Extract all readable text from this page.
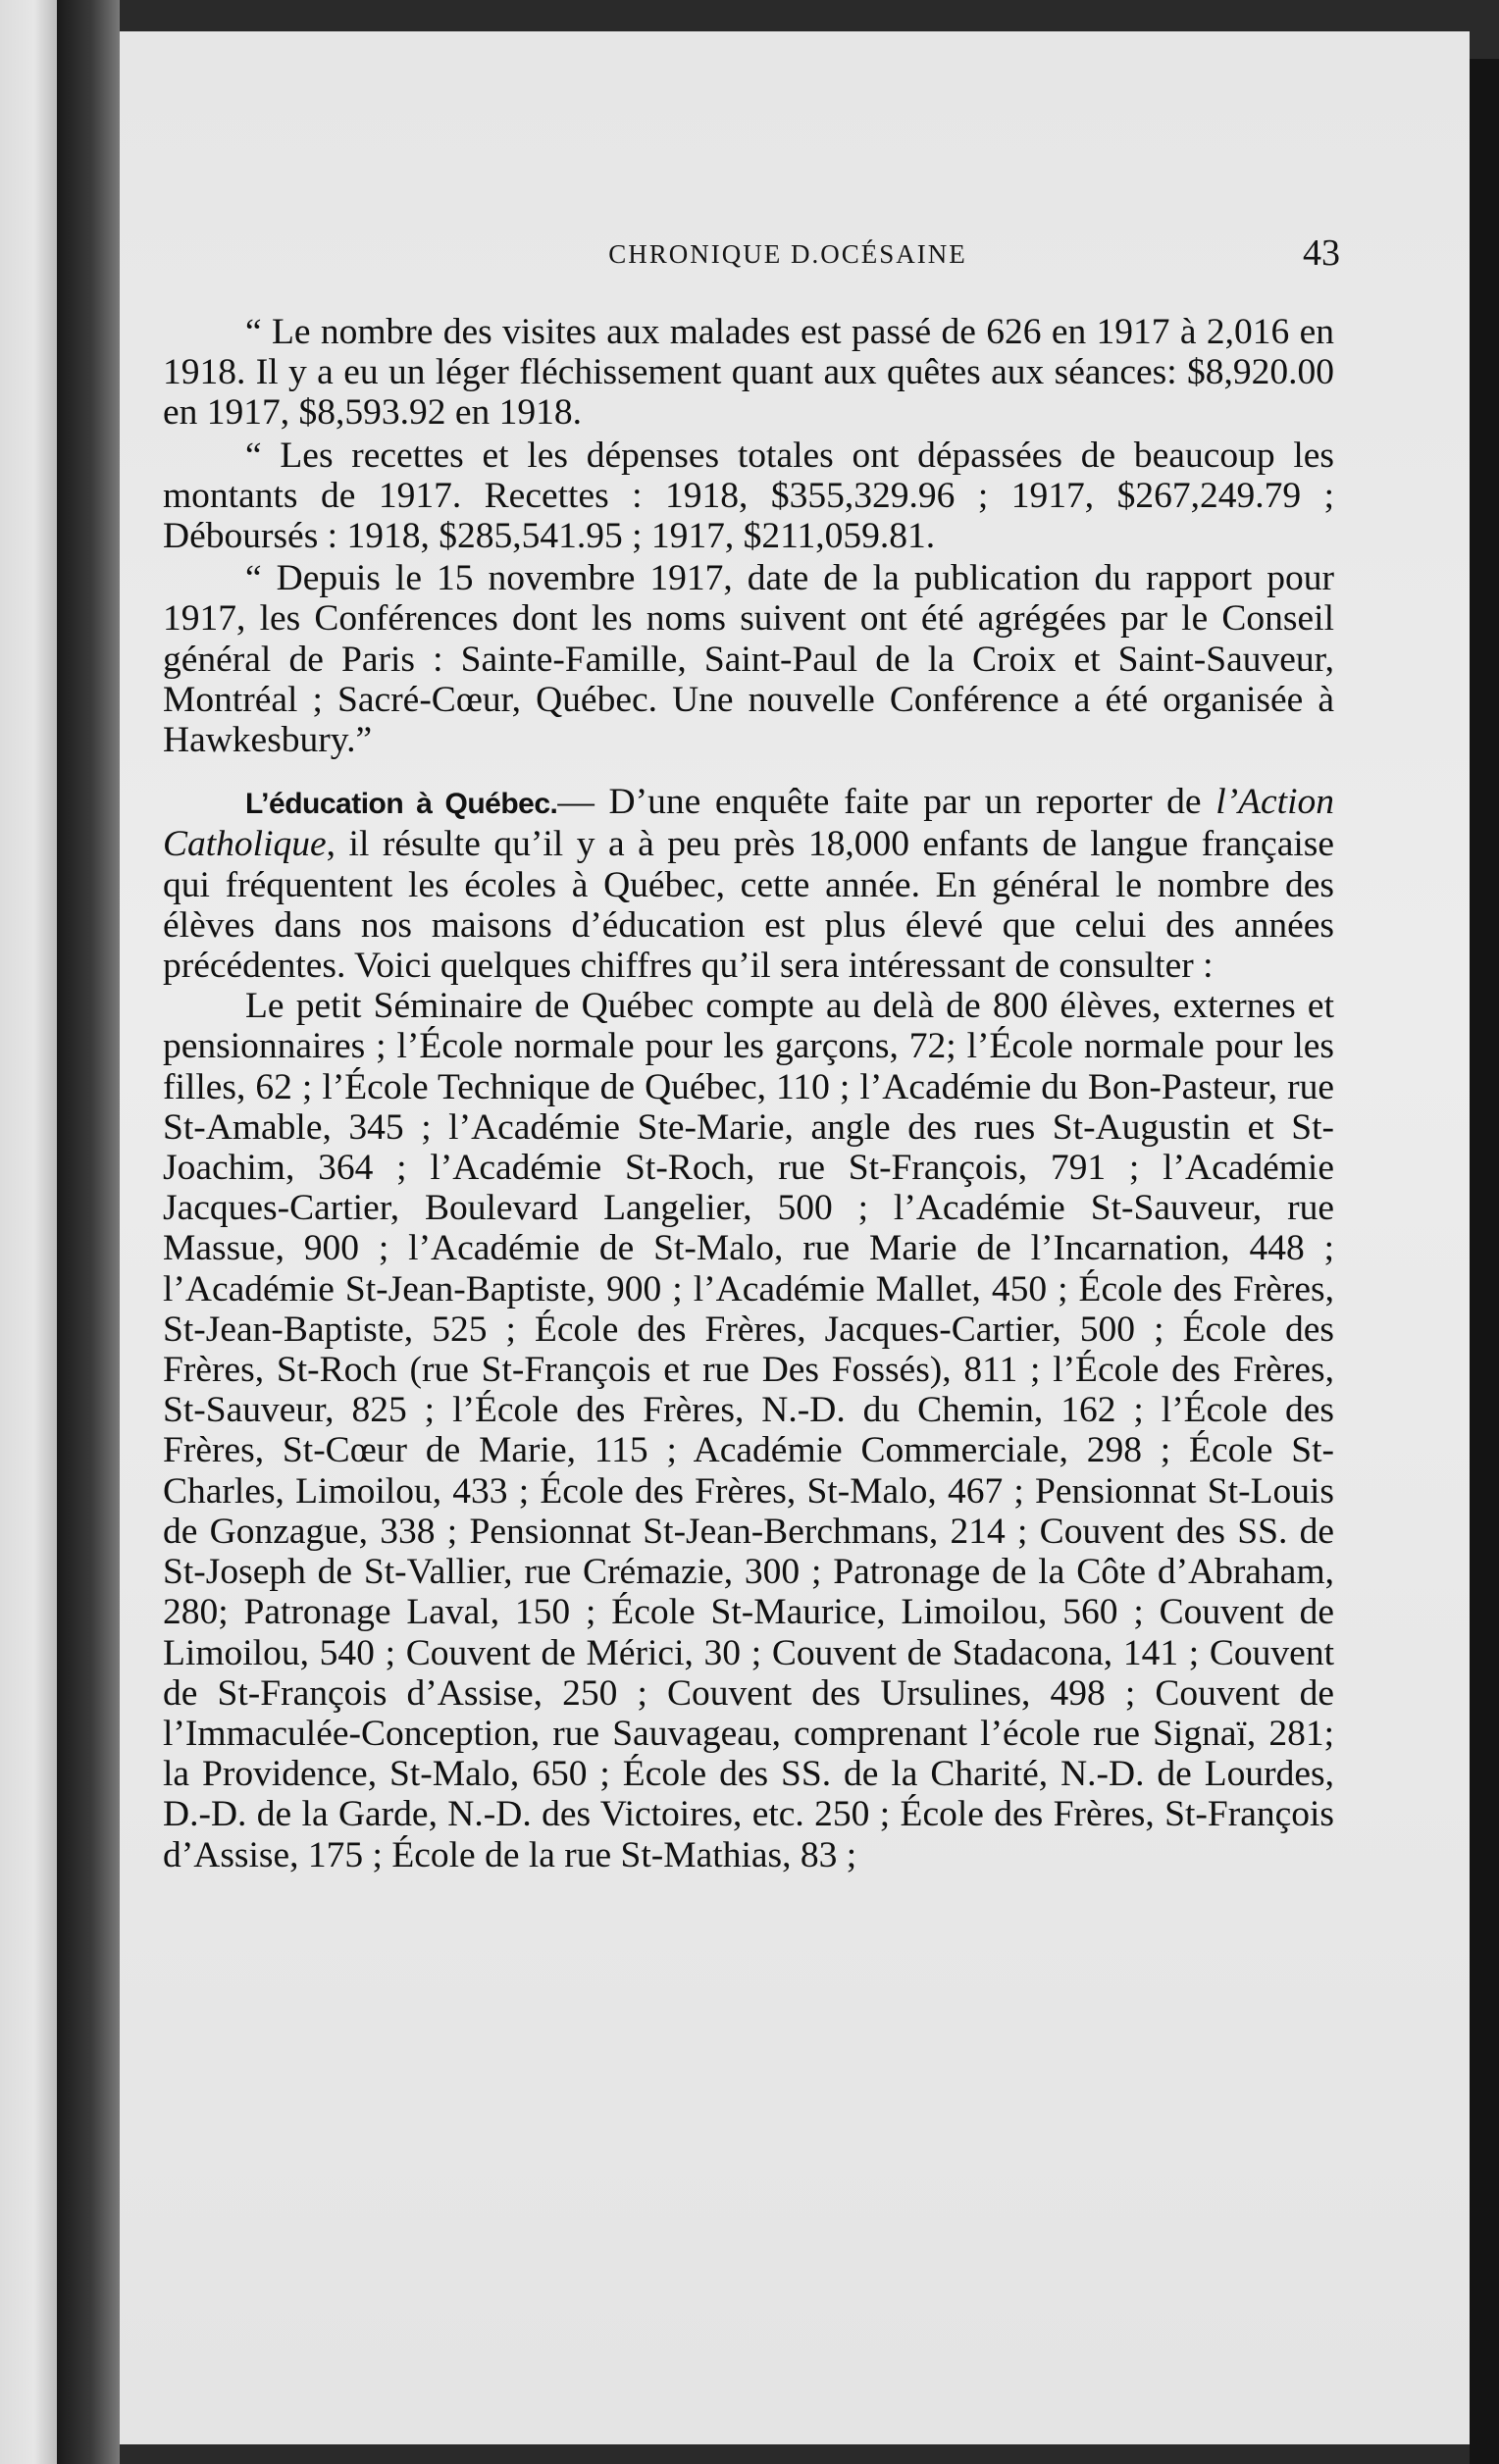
CHRONIQUE D.OCÉSAINE	43

“ Le nombre des visites aux malades est passé de 626 en 1917 à 2,016 en 1918. Il y a eu un léger fléchissement quant aux quêtes aux séances: $8,920.00 en 1917, $8,593.92 en 1918.

“ Les recettes et les dépenses totales ont dépassées de beaucoup les montants de 1917. Recettes : 1918, $355,329.96 ; 1917, $267,249.79 ; Déboursés : 1918, $285,541.95 ; 1917, $211,059.81.

“ Depuis le 15 novembre 1917, date de la publication du rapport pour 1917, les Conférences dont les noms suivent ont été agrégées par le Conseil général de Paris : Sainte-Famille, Saint-Paul de la Croix et Saint-Sauveur, Montréal ; Sacré-Cœur, Québec. Une nouvelle Conférence a été organisée à Hawkesbury.”

L’éducation à Québec.— D’une enquête faite par un reporter de l’Action Catholique, il résulte qu’il y a à peu près 18,000 enfants de langue française qui fréquentent les écoles à Québec, cette année. En général le nombre des élèves dans nos maisons d’éducation est plus élevé que celui des années précédentes. Voici quelques chiffres qu’il sera intéressant de consulter :

Le petit Séminaire de Québec compte au delà de 800 élèves, externes et pensionnaires ; l’École normale pour les garçons, 72; l’École normale pour les filles, 62 ; l’École Technique de Québec, 110 ; l’Académie du Bon-Pasteur, rue St-Amable, 345 ; l’Académie Ste-Marie, angle des rues St-Augustin et St-Joachim, 364 ; l’Académie St-Roch, rue St-François, 791 ; l’Académie Jacques-Cartier, Boulevard Langelier, 500 ; l’Académie St-Sauveur, rue Massue, 900 ; l’Académie de St-Malo, rue Marie de l’Incarnation, 448 ; l’Académie St-Jean-Baptiste, 900 ; l’Académie Mallet, 450 ; École des Frères, St-Jean-Baptiste, 525 ; École des Frères, Jacques-Cartier, 500 ; École des Frères, St-Roch (rue St-François et rue Des Fossés), 811 ; l’École des Frères, St-Sauveur, 825 ; l’École des Frères, N.-D. du Chemin, 162 ; l’École des Frères, St-Cœur de Marie, 115 ; Académie Commerciale, 298 ; École St-Charles, Limoilou, 433 ; École des Frères, St-Malo, 467 ; Pensionnat St-Louis de Gonzague, 338 ; Pensionnat St-Jean-Berchmans, 214 ; Couvent des SS. de St-Joseph de St-Vallier, rue Crémazie, 300 ; Patronage de la Côte d’Abraham, 280; Patronage Laval, 150 ; École St-Maurice, Limoilou, 560 ; Couvent de Limoilou, 540 ; Couvent de Mérici, 30 ; Couvent de Stadacona, 141 ; Couvent de St-François d’Assise, 250 ; Couvent des Ursulines, 498 ; Couvent de l’Immaculée-Conception, rue Sauvageau, comprenant l’école rue Signaï, 281; la Providence, St-Malo, 650 ; École des SS. de la Charité, N.-D. de Lourdes, D.-D. de la Garde, N.-D. des Victoires, etc. 250 ; École des Frères, St-François d’Assise, 175 ; École de la rue St-Mathias, 83 ;
